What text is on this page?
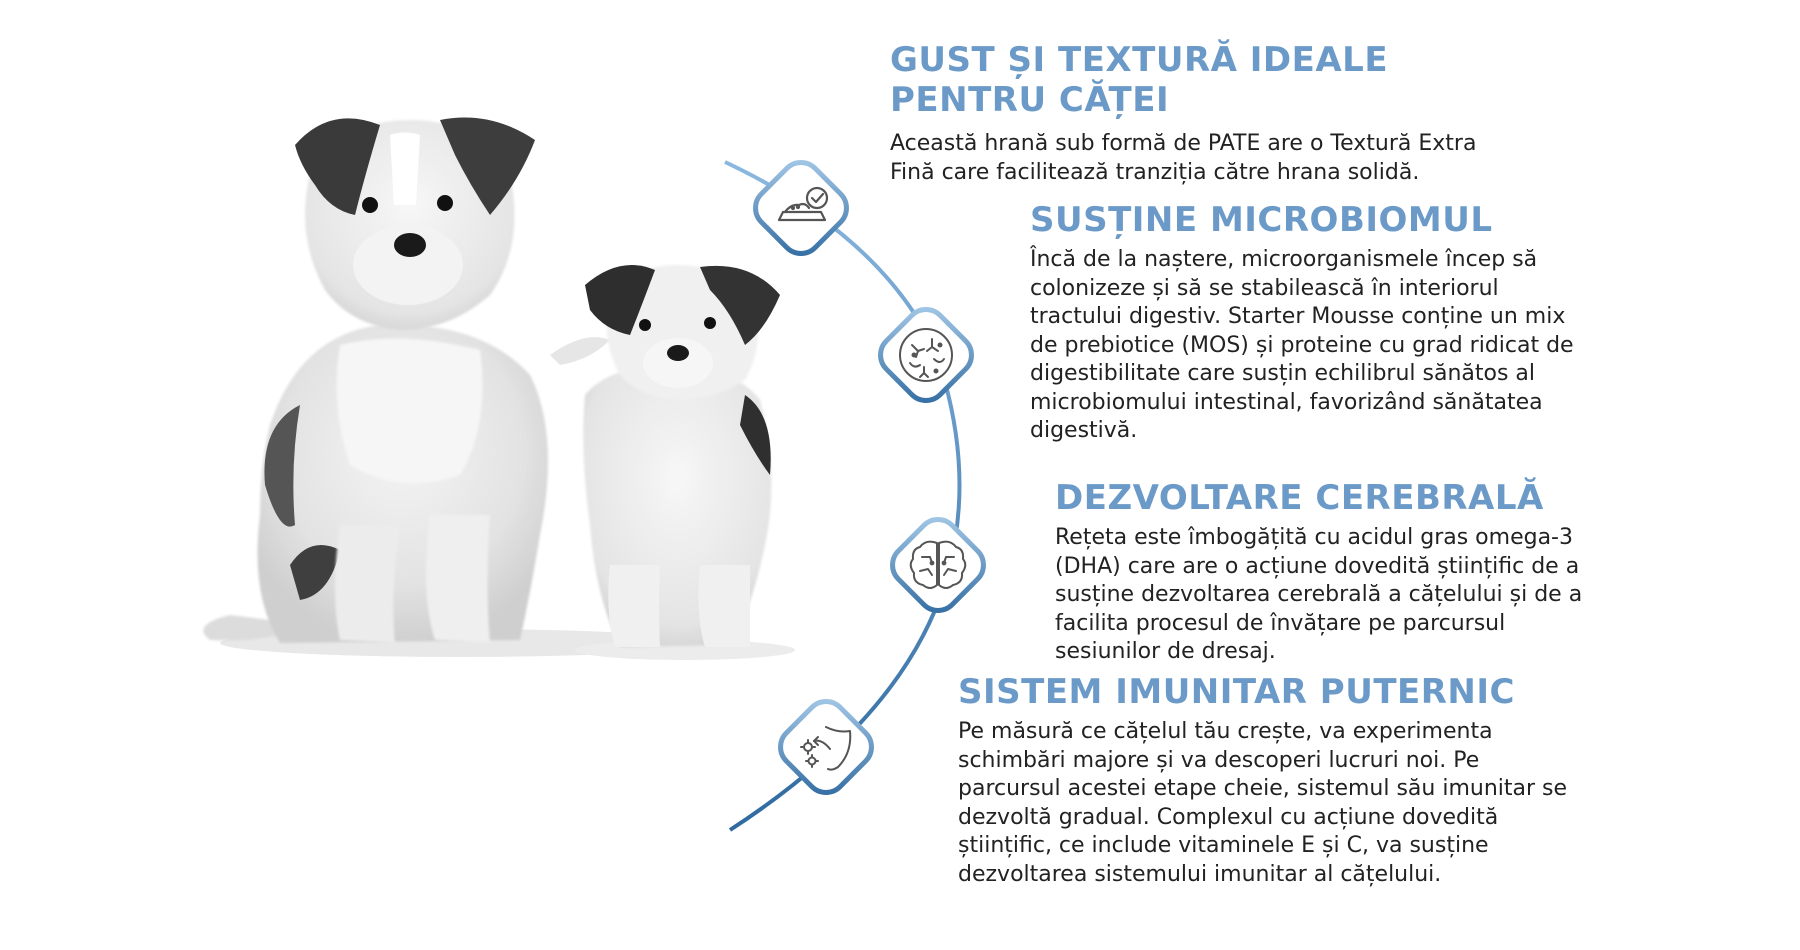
GUST ȘI TEXTURĂ IDEALE
PENTRU CĂȚEI

Această hrană sub formă de PATE are o Textură Extra
Fină care facilitează tranziția către hrana solidă.

SUSȚINE MICROBIOMUL

Încă de la naștere, microorganismele încep să
colonizeze și să se stabilească în interiorul
tractului digestiv. Starter Mousse conține un mix
de prebiotice (MOS) și proteine cu grad ridicat de
digestibilitate care susțin echilibrul sănătos al
microbiomului intestinal, favorizând sănătatea
digestivă.

DEZVOLTARE CEREBRALĂ

Rețeta este îmbogățită cu acidul gras omega-3
(DHA) care are o acțiune dovedită științific de a
susține dezvoltarea cerebrală a cățelului și de a
facilita procesul de învățare pe parcursul
sesiunilor de dresaj.

SISTEM IMUNITAR PUTERNIC

Pe măsură ce cățelul tău crește, va experimenta
schimbări majore și va descoperi lucruri noi. Pe
parcursul acestei etape cheie, sistemul său imunitar se
dezvoltă gradual. Complexul cu acțiune dovedită
științific, ce include vitaminele E și C, va susține
dezvoltarea sistemului imunitar al cățelului.
